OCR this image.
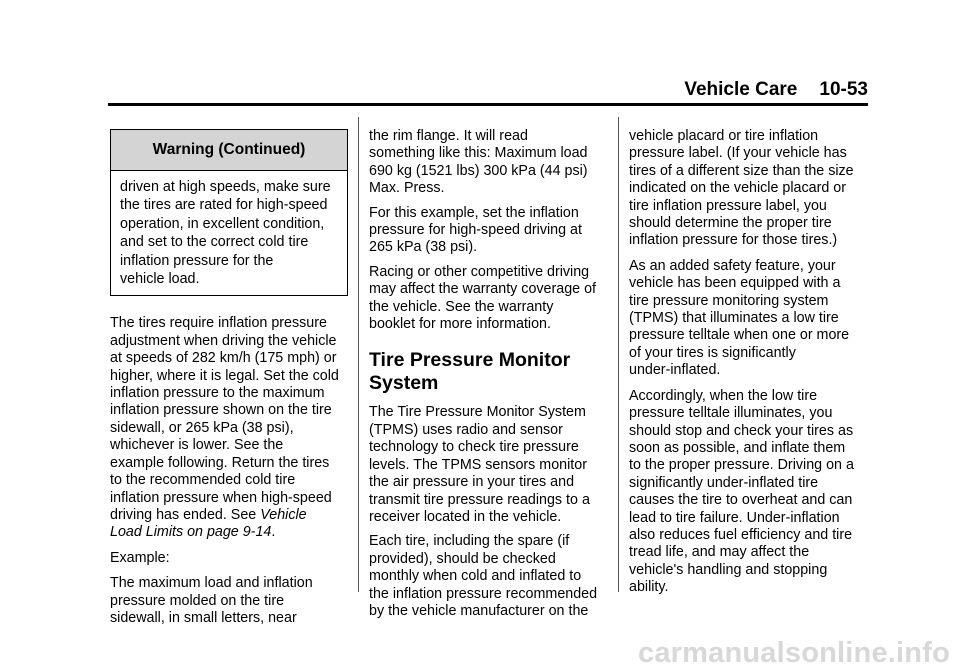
Vehicle Care 10-53
Warning (Continued)
driven at high speeds, make sure
the tires are rated for high-speed
operation, in excellent condition,
and set to the correct cold tire
inflation pressure for the
vehicle load.

The tires require inflation pressure
adjustment when driving the vehicle
at speeds of 282 km/h (175 mph) or
higher, where it is legal. Set the cold
inflation pressure to the maximum
inflation pressure shown on the tire
sidewall, or 265 kPa (38 psi),
whichever is lower. See the
example following. Return the tires
to the recommended cold tire
inflation pressure when high-speed
driving has ended. See Vehicle
Load Limits on page 9-14.

Example:

The maximum load and inflation
pressure molded on the tire
sidewall, in small letters, near

the rim flange. It will read
something like this: Maximum load
690 kg (1521 lbs) 300 kPa (44 psi)
Max. Press.

For this example, set the inflation
pressure for high-speed driving at
265 kPa (38 psi).

Racing or other competitive driving
may affect the warranty coverage of
the vehicle. See the warranty
booklet for more information.

Tire Pressure Monitor
System

The Tire Pressure Monitor System
(TPMS) uses radio and sensor
technology to check tire pressure
levels. The TPMS sensors monitor
the air pressure in your tires and
transmit tire pressure readings to a
receiver located in the vehicle.

Each tire, including the spare (if
provided), should be checked
monthly when cold and inflated to
the inflation pressure recommended
by the vehicle manufacturer on the

vehicle placard or tire inflation
pressure label. (If your vehicle has
tires of a different size than the size
indicated on the vehicle placard or
tire inflation pressure label, you
should determine the proper tire
inflation pressure for those tires.)

As an added safety feature, your
vehicle has been equipped with a
tire pressure monitoring system
(TPMS) that illuminates a low tire
pressure telltale when one or more
of your tires is significantly
under-inflated.

Accordingly, when the low tire
pressure telltale illuminates, you
should stop and check your tires as
soon as possible, and inflate them
to the proper pressure. Driving on a
significantly under-inflated tire
causes the tire to overheat and can
lead to tire failure. Under-inflation
also reduces fuel efficiency and tire
tread life, and may affect the
vehicle's handling and stopping
ability.

carmanualsonline.info
